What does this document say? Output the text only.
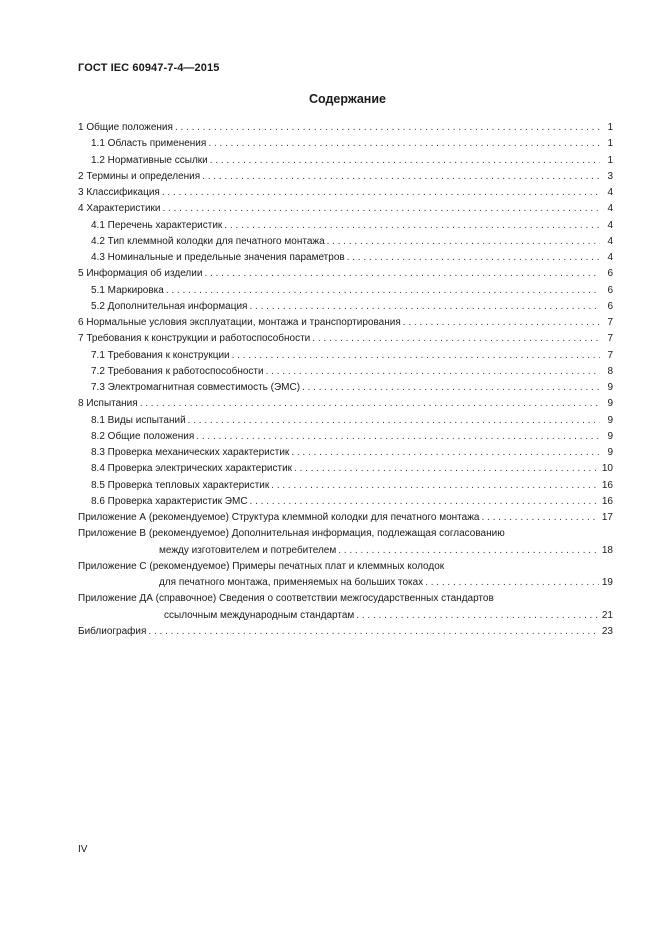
ГОСТ IEC 60947-7-4—2015
Содержание
1 Общие положения . . .	1
1.1 Область применения . . .	1
1.2 Нормативные ссылки . . .	1
2 Термины и определения . . .	3
3 Классификация . . .	4
4 Характеристики . . .	4
4.1 Перечень характеристик . . .	4
4.2 Тип клеммной колодки для печатного монтажа . . .	4
4.3 Номинальные и предельные значения параметров . . .	4
5 Информация об изделии . . .	6
5.1 Маркировка . . .	6
5.2 Дополнительная информация . . .	6
6 Нормальные условия эксплуатации, монтажа и транспортирования . . .	7
7 Требования к конструкции и работоспособности . . .	7
7.1 Требования к конструкции . . .	7
7.2 Требования к работоспособности . . .	8
7.3 Электромагнитная совместимость (ЭМС) . . .	9
8 Испытания . . .	9
8.1 Виды испытаний . . .	9
8.2 Общие положения . . .	9
8.3 Проверка механических характеристик . . .	9
8.4 Проверка электрических характеристик . . .	10
8.5 Проверка тепловых характеристик . . .	16
8.6 Проверка характеристик ЭМС . . .	16
Приложение А (рекомендуемое) Структура клеммной колодки для печатного монтажа . . .	17
Приложение В (рекомендуемое) Дополнительная информация, подлежащая согласованию
между изготовителем и потребителем . . .	18
Приложение С (рекомендуемое) Примеры печатных плат и клеммных колодок
для печатного монтажа, применяемых на больших токах . . .	19
Приложение ДА (справочное) Сведения о соответствии межгосударственных стандартов
ссылочным международным стандартам . . .	21
Библиография . . .	23
IV
